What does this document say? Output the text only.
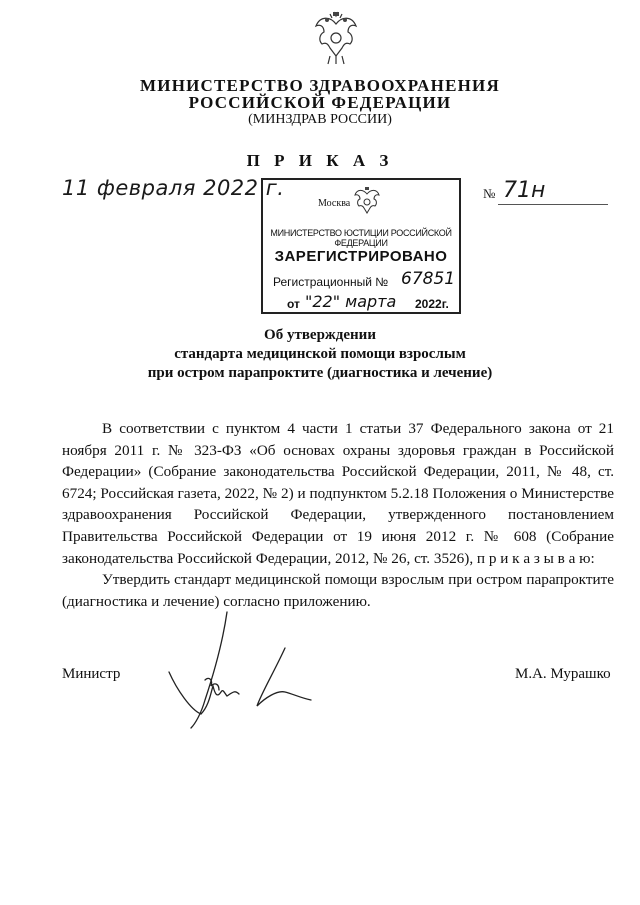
МИНИСТЕРСТВО ЗДРАВООХРАНЕНИЯ
РОССИЙСКОЙ ФЕДЕРАЦИИ
(МИНЗДРАВ РОССИИ)
П Р И К А З
11 февраля 2022 г.	№ 71н
Москва
МИНИСТЕРСТВО ЮСТИЦИИ РОССИЙСКОЙ ФЕДЕРАЦИИ
ЗАРЕГИСТРИРОВАНО
Регистрационный № 67851
от "22" марта 2022г.
Об утверждении
стандарта медицинской помощи взрослым
при остром парапроктите (диагностика и лечение)

В соответствии с пунктом 4 части 1 статьи 37 Федерального закона от 21 ноября 2011 г. № 323-ФЗ «Об основах охраны здоровья граждан в Российской Федерации» (Собрание законодательства Российской Федерации, 2011, № 48, ст. 6724; Российская газета, 2022, № 2) и подпунктом 5.2.18 Положения о Министерстве здравоохранения Российской Федерации, утвержденного постановлением Правительства Российской Федерации от 19 июня 2012 г. № 608 (Собрание законодательства Российской Федерации, 2012, № 26, ст. 3526), п р и к а з ы в а ю:

Утвердить стандарт медицинской помощи взрослым при остром парапроктите (диагностика и лечение) согласно приложению.

Министр	М.А. Мурашко
